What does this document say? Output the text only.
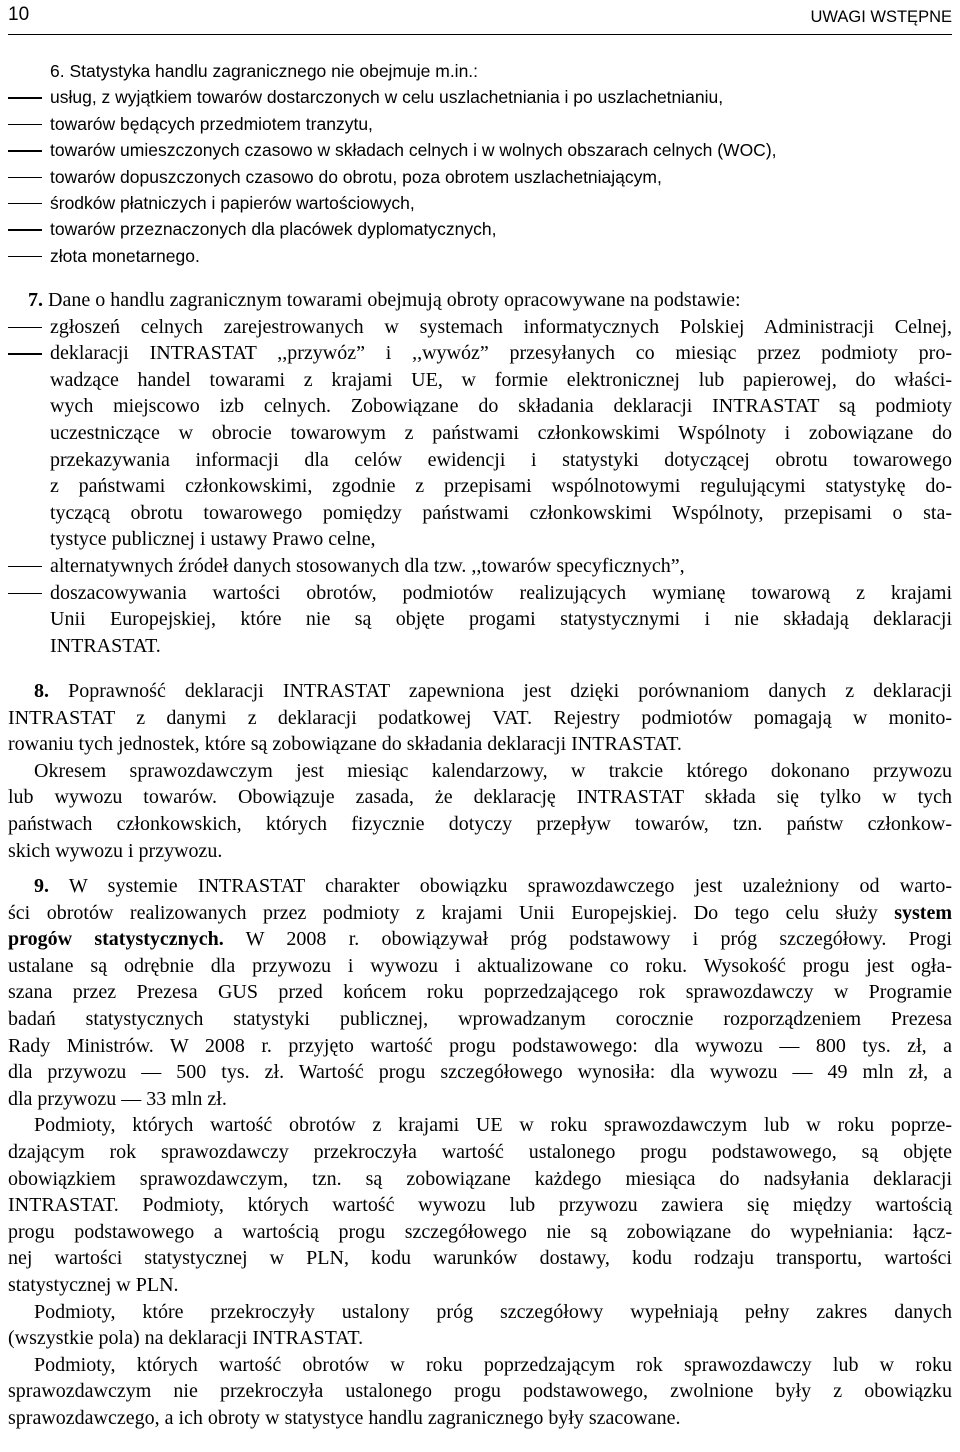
10	UWAGI WSTĘPNE
6. Statystyka handlu zagranicznego nie obejmuje m.in.:
usług, z wyjątkiem towarów dostarczonych w celu uszlachetniania i po uszlachetnianiu,
towarów będących przedmiotem tranzytu,
towarów umieszczonych czasowo w składach celnych i w wolnych obszarach celnych (WOC),
towarów dopuszczonych czasowo do obrotu, poza obrotem uszlachetniającym,
środków płatniczych i papierów wartościowych,
towarów przeznaczonych dla placówek dyplomatycznych,
złota monetarnego.
7. Dane o handlu zagranicznym towarami obejmują obroty opracowywane na podstawie:
zgłoszeń celnych zarejestrowanych w systemach informatycznych Polskiej Administracji Celnej,
deklaracji INTRASTAT ,,przywóz” i ,,wywóz” przesyłanych co miesiąc przez podmioty pro-
wadzące handel towarami z krajami UE, w formie elektronicznej lub papierowej, do właści-
wych miejscowo izb celnych. Zobowiązane do składania deklaracji INTRASTAT są podmioty
uczestniczące w obrocie towarowym z państwami członkowskimi Wspólnoty i zobowiązane do
przekazywania informacji dla celów ewidencji i statystyki dotyczącej obrotu towarowego
z państwami członkowskimi, zgodnie z przepisami wspólnotowymi regulującymi statystykę do-
tyczącą obrotu towarowego pomiędzy państwami członkowskimi Wspólnoty, przepisami o sta-
tystyce publicznej i ustawy Prawo celne,
alternatywnych źródeł danych stosowanych dla tzw. ,,towarów specyficznych”,
doszacowywania wartości obrotów, podmiotów realizujących wymianę towarową z krajami
Unii Europejskiej, które nie są objęte progami statystycznymi i nie składają deklaracji
INTRASTAT.
8. Poprawność deklaracji INTRASTAT zapewniona jest dzięki porównaniom danych z deklaracji
INTRASTAT z danymi z deklaracji podatkowej VAT. Rejestry podmiotów pomagają w monito-
rowaniu tych jednostek, które są zobowiązane do składania deklaracji INTRASTAT.
Okresem sprawozdawczym jest miesiąc kalendarzowy, w trakcie którego dokonano przywozu
lub wywozu towarów. Obowiązuje zasada, że deklarację INTRASTAT składa się tylko w tych
państwach członkowskich, których fizycznie dotyczy przepływ towarów, tzn. państw członkow-
skich wywozu i przywozu.
9. W systemie INTRASTAT charakter obowiązku sprawozdawczego jest uzależniony od warto-
ści obrotów realizowanych przez podmioty z krajami Unii Europejskiej. Do tego celu służy system
progów statystycznych. W 2008 r. obowiązywał próg podstawowy i próg szczegółowy. Progi
ustalane są odrębnie dla przywozu i wywozu i aktualizowane co roku. Wysokość progu jest ogła-
szana przez Prezesa GUS przed końcem roku poprzedzającego rok sprawozdawczy w Programie
badań statystycznych statystyki publicznej, wprowadzanym corocznie rozporządzeniem Prezesa
Rady Ministrów. W 2008 r. przyjęto wartość progu podstawowego: dla wywozu — 800 tys. zł, a
dla przywozu — 500 tys. zł. Wartość progu szczegółowego wynosiła: dla wywozu — 49 mln zł, a
dla przywozu — 33 mln zł.
Podmioty, których wartość obrotów z krajami UE w roku sprawozdawczym lub w roku poprze-
dzającym rok sprawozdawczy przekroczyła wartość ustalonego progu podstawowego, są objęte
obowiązkiem sprawozdawczym, tzn. są zobowiązane każdego miesiąca do nadsyłania deklaracji
INTRASTAT. Podmioty, których wartość wywozu lub przywozu zawiera się między wartością
progu podstawowego a wartością progu szczegółowego nie są zobowiązane do wypełniania: łącz-
nej wartości statystycznej w PLN, kodu warunków dostawy, kodu rodzaju transportu, wartości
statystycznej w PLN.
Podmioty, które przekroczyły ustalony próg szczegółowy wypełniają pełny zakres danych
(wszystkie pola) na deklaracji INTRASTAT.
Podmioty, których wartość obrotów w roku poprzedzającym rok sprawozdawczy lub w roku
sprawozdawczym nie przekroczyła ustalonego progu podstawowego, zwolnione były z obowiązku
sprawozdawczego, a ich obroty w statystyce handlu zagranicznego były szacowane.
